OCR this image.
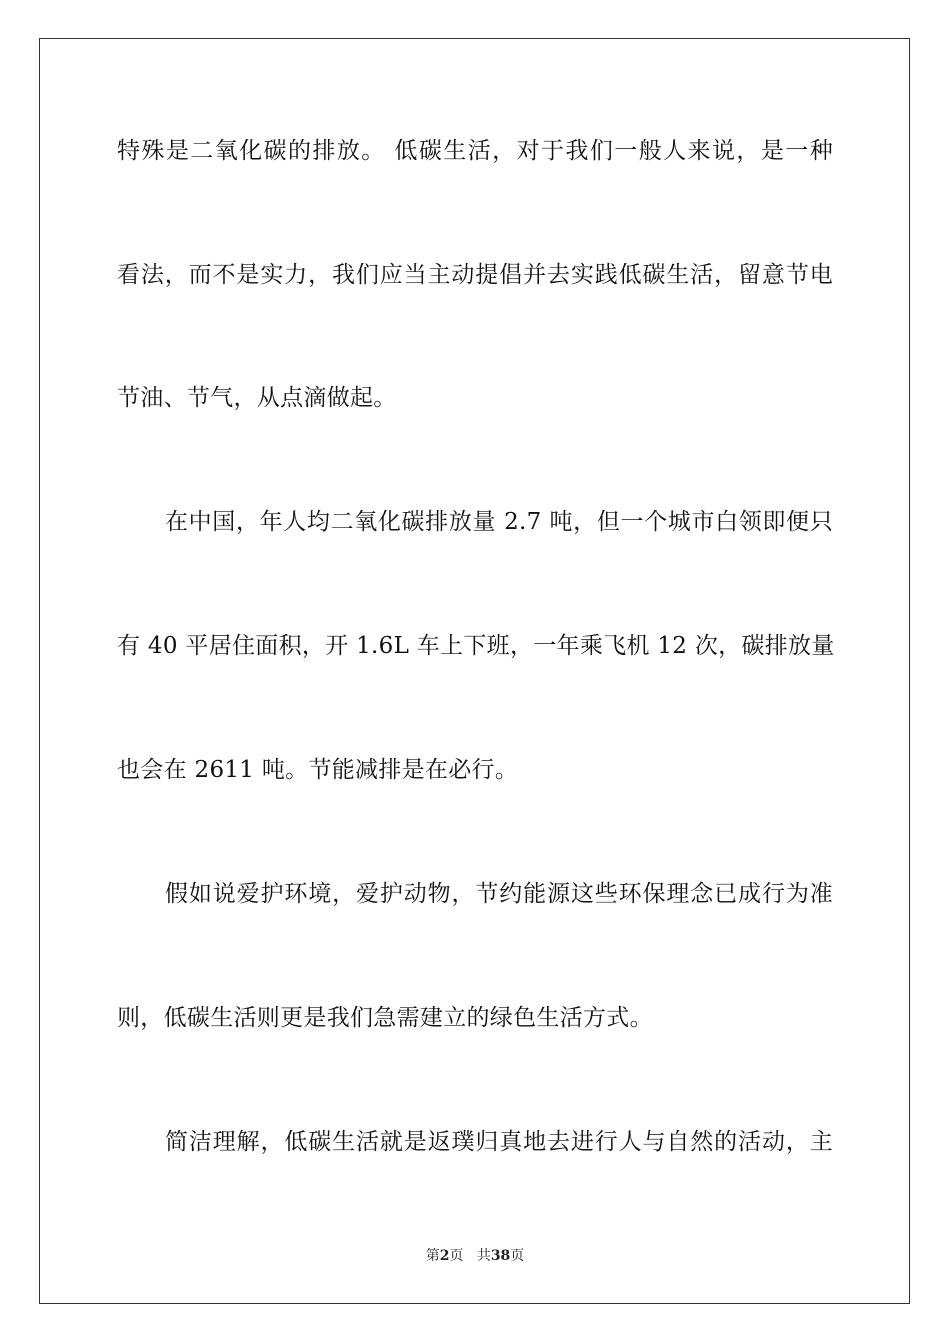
特殊是二氧化碳的排放。 低碳生活，对于我们一般人来说，是一种
看法，而不是实力，我们应当主动提倡并去实践低碳生活，留意节电
节油、节气，从点滴做起。
在中国，年人均二氧化碳排放量 2.7 吨，但一个城市白领即便只
有 40 平居住面积，开 1.6L 车上下班，一年乘飞机 12 次，碳排放量
也会在 2611 吨。节能减排是在必行。
假如说爱护环境，爱护动物，节约能源这些环保理念已成行为准
则，低碳生活则更是我们急需建立的绿色生活方式。
简洁理解，低碳生活就是返璞归真地去进行人与自然的活动，主
第2页 共38页
